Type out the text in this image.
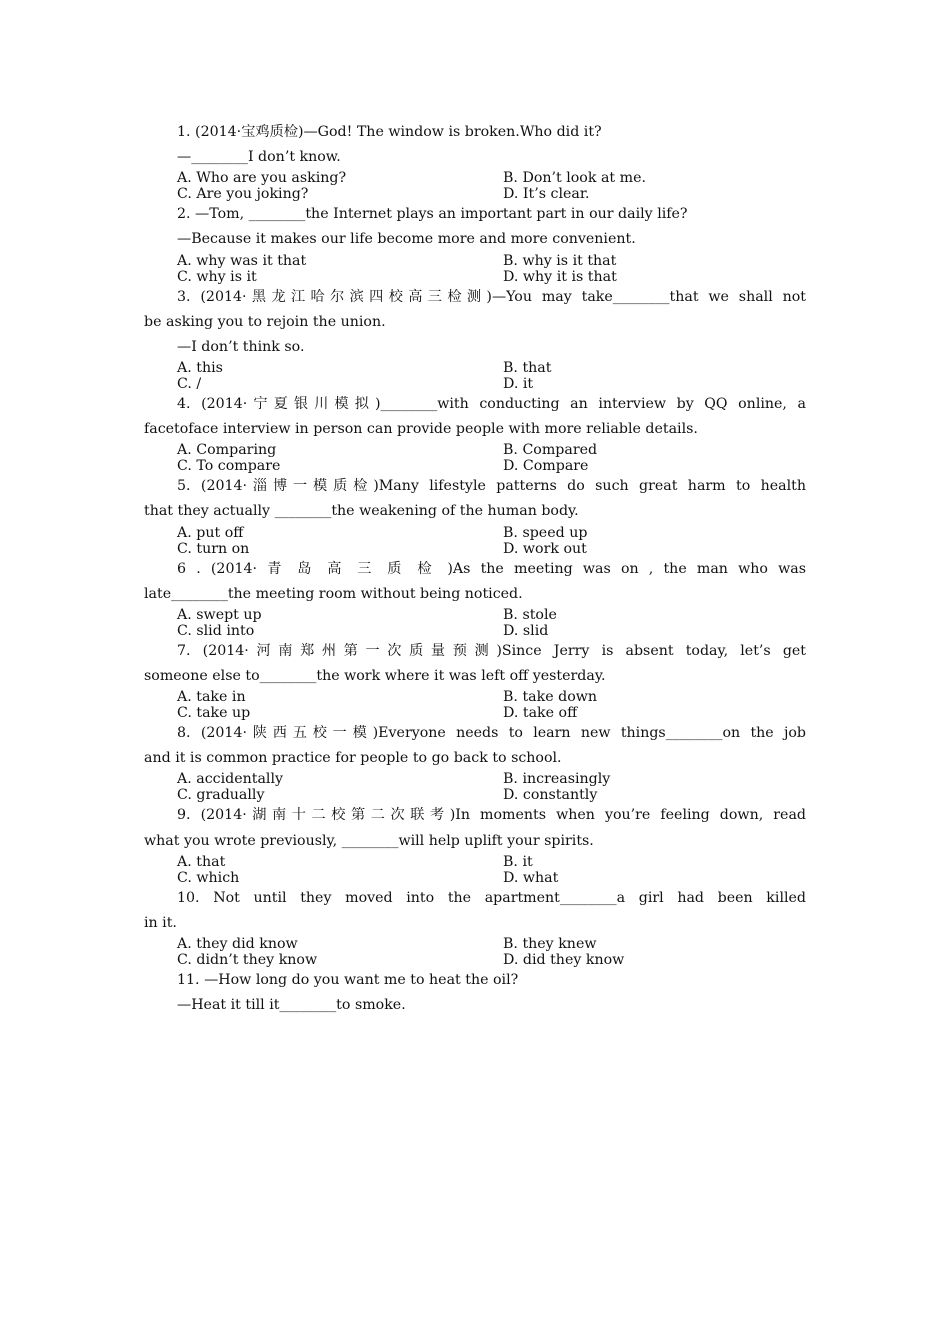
1. (2014·宝鸡质检)—God! The window is broken.Who did it?
—________I don’t know.
A. Who are you asking?	B. Don’t look at me.
C. Are you joking?	D. It’s clear.
2. —Tom, ________the Internet plays an important part in our daily life?
—Because it makes our life become more and more convenient.
A. why was it that	B. why is it that
C. why is it	D. why it is that
3. (2014·黑龙江哈尔滨四校高三检测)—You may take________that we shall not
be asking you to rejoin the union.
—I don’t think so.
A. this	B. that
C. /	D. it
4. (2014·宁夏银川模拟)________with conducting an interview by QQ online, a
facetoface interview in person can provide people with more reliable details.
A. Comparing	B. Compared
C. To compare	D. Compare
5. (2014·淄博一模质检)Many lifestyle patterns do such great harm to health
that they actually ________the weakening of the human body.
A. put off	B. speed up
C. turn on	D. work out
6 . (2014· 青 岛 高 三 质 检 )As the meeting was on , the man who was
late________the meeting room without being noticed.
A. swept up	B. stole
C. slid into	D. slid
7. (2014·河南郑州第一次质量预测)Since Jerry is absent today, let’s get
someone else to________the work where it was left off yesterday.
A. take in	B. take down
C. take up	D. take off
8. (2014·陕西五校一模)Everyone needs to learn new things________on the job
and it is common practice for people to go back to school.
A. accidentally	B. increasingly
C. gradually	D. constantly
9. (2014·湖南十二校第二次联考)In moments when you’re feeling down, read
what you wrote previously, ________will help uplift your spirits.
A. that	B. it
C. which	D. what
10. Not until they moved into the apartment________a girl had been killed
in it.
A. they did know	B. they knew
C. didn’t they know	D. did they know
11. —How long do you want me to heat the oil?
—Heat it till it________to smoke.
